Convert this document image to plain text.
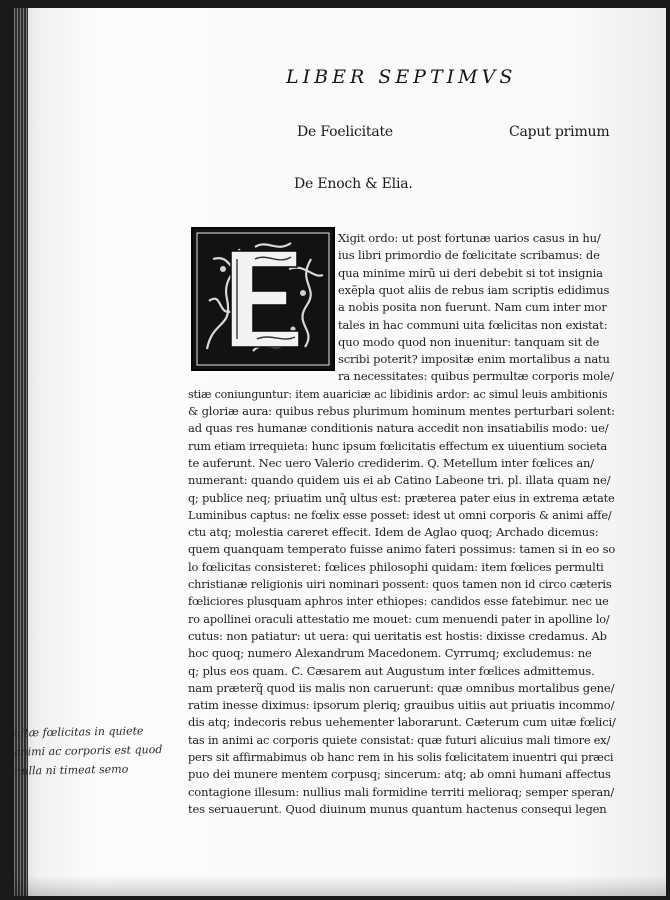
LIBER SEPTIMVS
De Foelicitate	Caput primum
De Enoch & Elia.
Xigit ordo: ut post fortunæ uarios casus in hu/
ius libri primordio de fœlicitate scribamus: de
qua minime mirũ ui deri debebit si tot insignia
exẽpla quot aliis de rebus iam scriptis edidimus
a nobis posita non fuerunt. Nam cum inter mor
tales in hac communi uita fœlicitas non existat:
quo modo quod non inuenitur: tanquam sit de
scribi poterit? impositæ enim mortalibus a natu
ra necessitates: quibus permultæ corporis mole/
stiæ coniunguntur: item auariciæ ac libidinis ardor: ac simul leuis ambitionis
& gloriæ aura: quibus rebus plurimum hominum mentes perturbari solent:
ad quas res humanæ conditionis natura accedit non insatiabilis modo: ue/
rum etiam irrequieta: hunc ipsum fœlicitatis effectum ex uiuentium societa
te auferunt. Nec uero Valerio crediderim. Q. Metellum inter fœlices an/
numerant: quando quidem uis ei ab Catino Labeone tri. pl. illata quam ne/
q; publice neq; priuatim unq̃ ultus est: præterea pater eius in extrema ætate
Luminibus captus: ne fœlix esse posset: idest ut omni corporis & animi affe/
ctu atq; molestia careret effecit. Idem de Aglao quoq; Archado dicemus:
quem quanquam temperato fuisse animo fateri possimus: tamen si in eo so
lo fœlicitas consisteret: fœlices philosophi quidam: item fœlices permulti
christianæ religionis uiri nominari possent: quos tamen non id circo cæteris
fœliciores plusquam aphros inter ethiopes: candidos esse fatebimur. nec ue
ro apollinei oraculi attestatio me mouet: cum menuendi pater in apolline lo/
cutus: non patiatur: ut uera: qui ueritatis est hostis: dixisse credamus. Ab
hoc quoq; numero Alexandrum Macedonem. Cyrrumq; excludemus: ne
q; plus eos quam. C. Cæsarem aut Augustum inter fœlices admittemus.
nam præterq̃ quod iis malis non caruerunt: quæ omnibus mortalibus gene/
ratim inesse diximus: ipsorum pleriq; grauibus uitiis aut priuatis incommo/
dis atq; indecoris rebus uehementer laborarunt. Cæterum cum uitæ fœlici/
tas in animi ac corporis quiete consistat: quæ futuri alicuius mali timore ex/
pers sit affirmabimus ob hanc rem in his solis fœlicitatem inuentri qui præci
puo dei munere mentem corpusq; sincerum: atq; ab omni humani affectus
contagione illesum: nullius mali formidine territi melioraq; semper speran/
tes seruauerunt. Quod diuinum munus quantum hactenus consequi legen
uitæ fœlicitas in quiete
animi ac corporis est quod
nulla ni timeat semo
